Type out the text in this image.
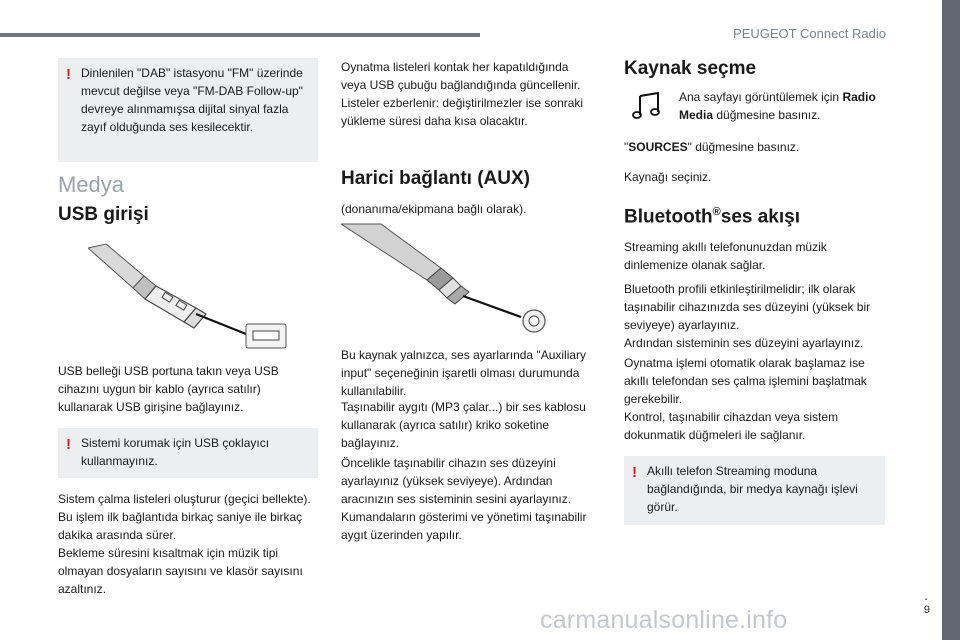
PEUGEOT Connect Radio
! Dinlenilen "DAB" istasyonu "FM" üzerinde mevcut değilse veya "FM-DAB Follow-up" devreye alınmamışsa dijital sinyal fazla zayıf olduğunda ses kesilecektir.
Medya
USB girişi
USB belleği USB portuna takın veya USB cihazını uygun bir kablo (ayrıca satılır) kullanarak USB girişine bağlayınız.
! Sistemi korumak için USB çoklayıcı kullanmayınız.
Sistem çalma listeleri oluşturur (geçici bellekte). Bu işlem ilk bağlantıda birkaç saniye ile birkaç dakika arasında sürer.
Bekleme süresini kısaltmak için müzik tipi olmayan dosyaların sayısını ve klasör sayısını azaltınız.
Oynatma listeleri kontak her kapatıldığında veya USB çubuğu bağlandığında güncellenir. Listeler ezberlenir: değiştirilmezler ise sonraki yükleme süresi daha kısa olacaktır.
Harici bağlantı (AUX)
(donanıma/ekipmana bağlı olarak).
Bu kaynak yalnızca, ses ayarlarında "Auxiliary input" seçeneğinin işaretli olması durumunda kullanılabilir.
Taşınabilir aygıtı (MP3 çalar...) bir ses kablosu kullanarak (ayrıca satılır) kriko soketine bağlayınız.
Öncelikle taşınabilir cihazın ses düzeyini ayarlayınız (yüksek seviyeye). Ardından aracınızın ses sisteminin sesini ayarlayınız. Kumandaların gösterimi ve yönetimi taşınabilir aygıt üzerinden yapılır.
Kaynak seçme
Ana sayfayı görüntülemek için Radio Media düğmesine basınız.
"SOURCES" düğmesine basınız.
Kaynağı seçiniz.
Bluetooth®ses akışı
Streaming akıllı telefonunuzdan müzik dinlemenize olanak sağlar.
Bluetooth profili etkinleştirilmelidir; ilk olarak taşınabilir cihazınızda ses düzeyini (yüksek bir seviyeye) ayarlayınız.
Ardından sisteminin ses düzeyini ayarlayınız.
Oynatma işlemi otomatik olarak başlamaz ise akıllı telefondan ses çalma işlemini başlatmak gerekebilir.
Kontrol, taşınabilir cihazdan veya sistem dokunmatik düğmeleri ile sağlanır.
! Akıllı telefon Streaming moduna bağlandığında, bir medya kaynağı işlevi görür.
.
9
carmanualsonline.info
